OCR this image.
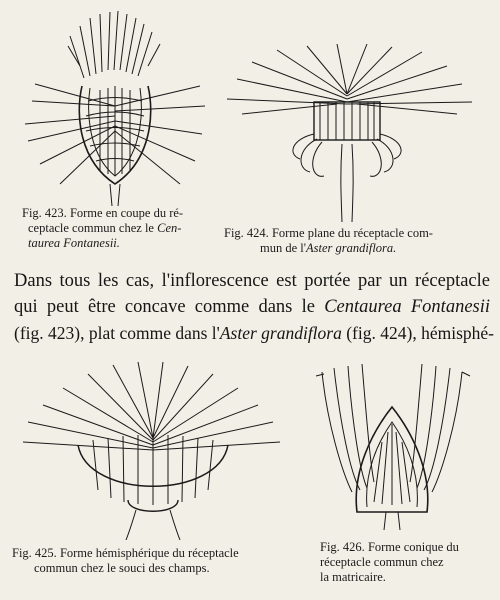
Fig. 423. Forme en coupe du ré-
ceptacle commun chez le Cen-
taurea Fontanesii.
Fig. 424. Forme plane du réceptacle com-
mun de l'Aster grandiflora.
Dans tous les cas, l'inflorescence est portée par un réceptacle
qui peut être concave comme dans le Centaurea Fontanesii
(fig. 423), plat comme dans l'Aster grandiflora (fig. 424), hémisphé-
Fig. 425. Forme hémisphérique du réceptacle
commun chez le souci des champs.
Fig. 426. Forme conique du
réceptacle commun chez
la matricaire.
